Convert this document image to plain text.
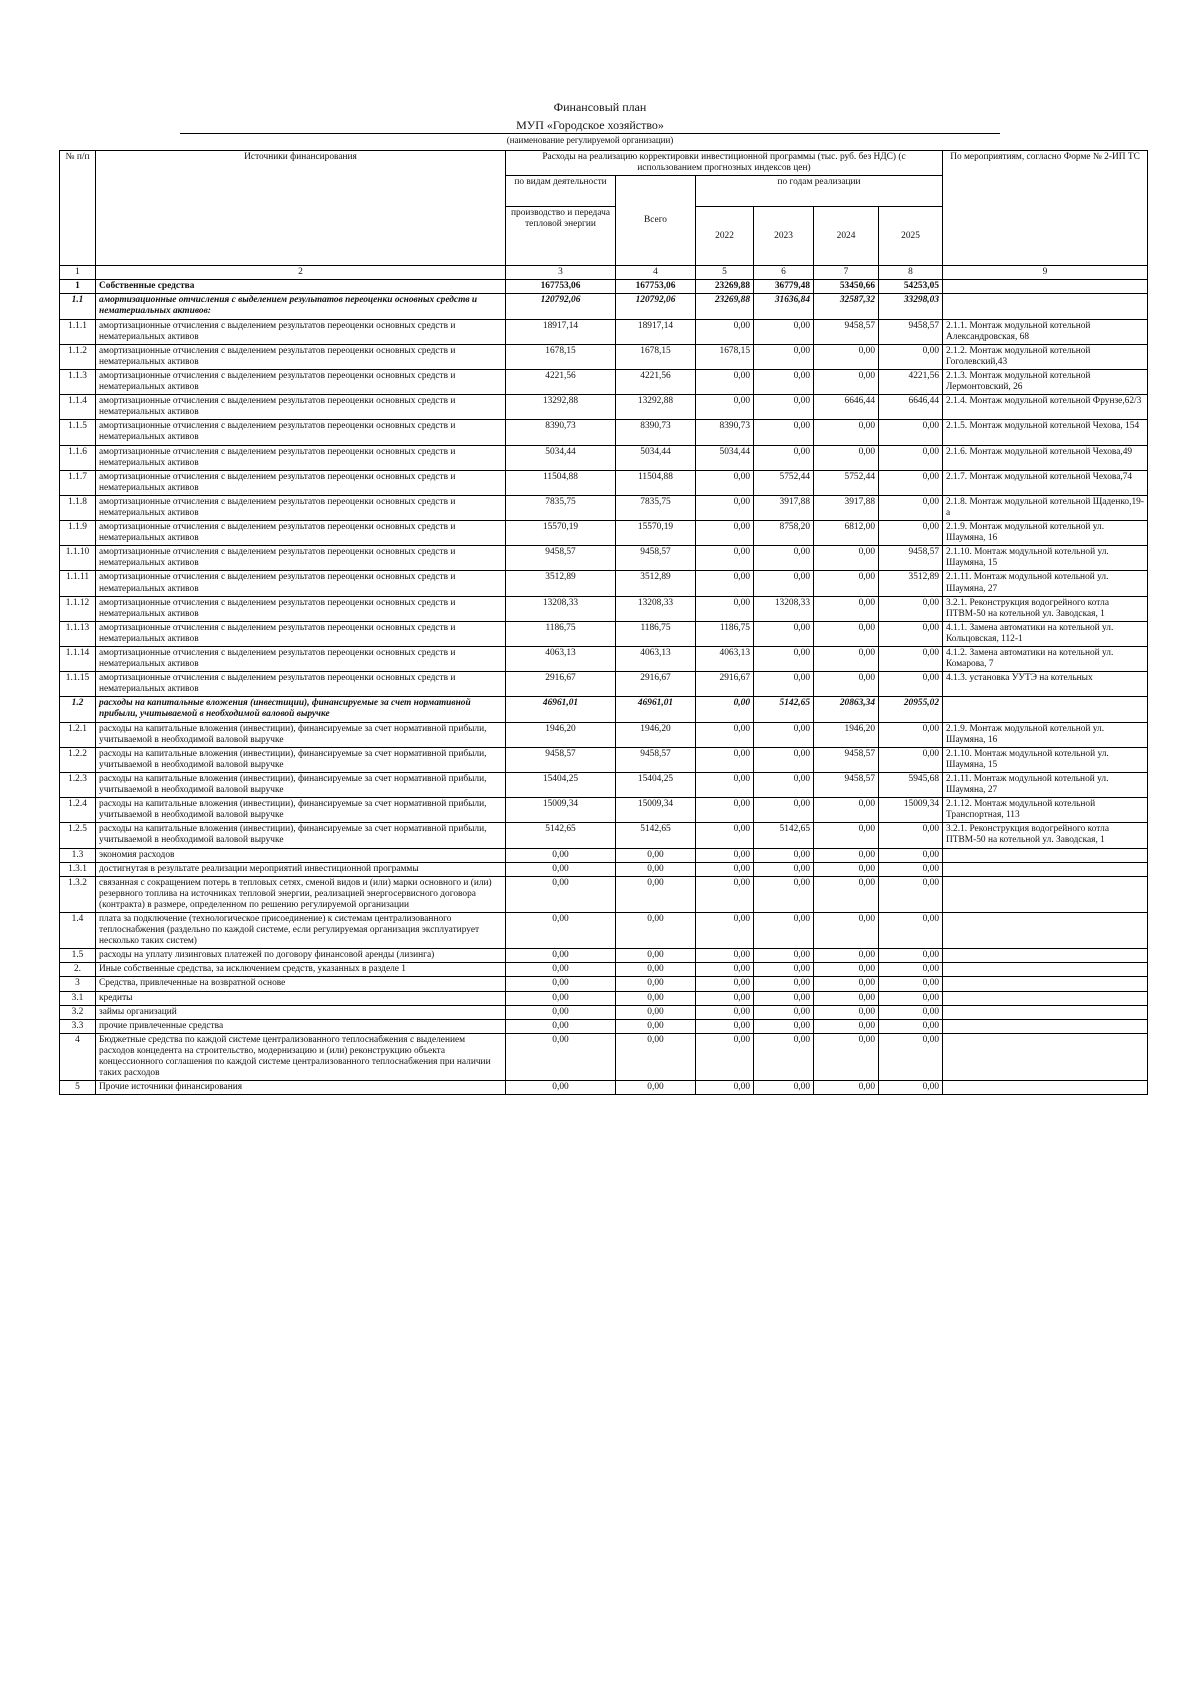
Финансовый план
МУП «Городское хозяйство»
(наименование регулируемой организации)
№ п/п	Источники финансирования	Расходы на реализацию корректировки инвестиционной программы (тыс. руб. без НДС) (с использованием прогнозных индексов цен)						По мероприятиям, согласно Форме № 2-ИП ТС
		по видам деятельности	Всего	по годам реализации				
		производство и передача тепловой энергии		2022	2023	2024	2025	
1	2	3	4	5	6	7	8	9
1	Собственные средства	167753,06	167753,06	23269,88	36779,48	53450,66	54253,05	
1.1	амортизационные отчисления с выделением результатов переоценки основных средств и нематериальных активов:	120792,06	120792,06	23269,88	31636,84	32587,32	33298,03	
1.1.1	амортизационные отчисления с выделением результатов переоценки основных средств и нематериальных активов	18917,14	18917,14	0,00	0,00	9458,57	9458,57	2.1.1. Монтаж модульной котельной Александровская, 68
1.1.2	амортизационные отчисления с выделением результатов переоценки основных средств и нематериальных активов	1678,15	1678,15	1678,15	0,00	0,00	0,00	2.1.2. Монтаж модульной котельной Гоголевский,43
1.1.3	амортизационные отчисления с выделением результатов переоценки основных средств и нематериальных активов	4221,56	4221,56	0,00	0,00	0,00	4221,56	2.1.3. Монтаж модульной котельной Лермонтовский, 26
1.1.4	амортизационные отчисления с выделением результатов переоценки основных средств и нематериальных активов	13292,88	13292,88	0,00	0,00	6646,44	6646,44	2.1.4. Монтаж модульной котельной Фрунзе,62/3
1.1.5	амортизационные отчисления с выделением результатов переоценки основных средств и нематериальных активов	8390,73	8390,73	8390,73	0,00	0,00	0,00	2.1.5. Монтаж модульной котельной Чехова, 154
1.1.6	амортизационные отчисления с выделением результатов переоценки основных средств и нематериальных активов	5034,44	5034,44	5034,44	0,00	0,00	0,00	2.1.6. Монтаж модульной котельной Чехова,49
1.1.7	амортизационные отчисления с выделением результатов переоценки основных средств и нематериальных активов	11504,88	11504,88	0,00	5752,44	5752,44	0,00	2.1.7. Монтаж модульной котельной Чехова,74
1.1.8	амортизационные отчисления с выделением результатов переоценки основных средств и нематериальных активов	7835,75	7835,75	0,00	3917,88	3917,88	0,00	2.1.8. Монтаж модульной котельной Щаденко,19-а
1.1.9	амортизационные отчисления с выделением результатов переоценки основных средств и нематериальных активов	15570,19	15570,19	0,00	8758,20	6812,00	0,00	2.1.9. Монтаж модульной котельной ул. Шаумяна, 16
1.1.10	амортизационные отчисления с выделением результатов переоценки основных средств и нематериальных активов	9458,57	9458,57	0,00	0,00	0,00	9458,57	2.1.10. Монтаж модульной котельной ул. Шаумяна, 15
1.1.11	амортизационные отчисления с выделением результатов переоценки основных средств и нематериальных активов	3512,89	3512,89	0,00	0,00	0,00	3512,89	2.1.11. Монтаж модульной котельной ул. Шаумяна, 27
1.1.12	амортизационные отчисления с выделением результатов переоценки основных средств и нематериальных активов	13208,33	13208,33	0,00	13208,33	0,00	0,00	3.2.1. Реконструкция водогрейного котла ПТВМ-50 на котельной ул. Заводская, 1
1.1.13	амортизационные отчисления с выделением результатов переоценки основных средств и нематериальных активов	1186,75	1186,75	1186,75	0,00	0,00	0,00	4.1.1. Замена автоматики на котельной ул. Кольцовская, 112-1
1.1.14	амортизационные отчисления с выделением результатов переоценки основных средств и нематериальных активов	4063,13	4063,13	4063,13	0,00	0,00	0,00	4.1.2. Замена автоматики на котельной ул. Комарова, 7
1.1.15	амортизационные отчисления с выделением результатов переоценки основных средств и нематериальных активов	2916,67	2916,67	2916,67	0,00	0,00	0,00	4.1.3. установка УУТЭ на котельных
1.2	расходы на капитальные вложения (инвестиции), финансируемые за счет нормативной прибыли, учитываемой в необходимой валовой выручке	46961,01	46961,01	0,00	5142,65	20863,34	20955,02	
1.2.1	расходы на капитальные вложения (инвестиции), финансируемые за счет нормативной прибыли, учитываемой в необходимой валовой выручке	1946,20	1946,20	0,00	0,00	1946,20	0,00	2.1.9. Монтаж модульной котельной ул. Шаумяна, 16
1.2.2	расходы на капитальные вложения (инвестиции), финансируемые за счет нормативной прибыли, учитываемой в необходимой валовой выручке	9458,57	9458,57	0,00	0,00	9458,57	0,00	2.1.10. Монтаж модульной котельной ул. Шаумяна, 15
1.2.3	расходы на капитальные вложения (инвестиции), финансируемые за счет нормативной прибыли, учитываемой в необходимой валовой выручке	15404,25	15404,25	0,00	0,00	9458,57	5945,68	2.1.11. Монтаж модульной котельной ул. Шаумяна, 27
1.2.4	расходы на капитальные вложения (инвестиции), финансируемые за счет нормативной прибыли, учитываемой в необходимой валовой выручке	15009,34	15009,34	0,00	0,00	0,00	15009,34	2.1.12. Монтаж модульной котельной Транспортная, 113
1.2.5	расходы на капитальные вложения (инвестиции), финансируемые за счет нормативной прибыли, учитываемой в необходимой валовой выручке	5142,65	5142,65	0,00	5142,65	0,00	0,00	3.2.1. Реконструкция водогрейного котла ПТВМ-50 на котельной ул. Заводская, 1
1.3	экономия расходов	0,00	0,00	0,00	0,00	0,00	0,00	
1.3.1	достигнутая в результате реализации мероприятий инвестиционной программы	0,00	0,00	0,00	0,00	0,00	0,00	
1.3.2	связанная с сокращением потерь в тепловых сетях, сменой видов и (или) марки основного и (или) резервного топлива на источниках тепловой энергии, реализацией энергосервисного договора (контракта) в размере, определенном по решению регулируемой организации	0,00	0,00	0,00	0,00	0,00	0,00	
1.4	плата за подключение (технологическое присоединение) к системам централизованного теплоснабжения (раздельно по каждой системе, если регулируемая организация эксплуатирует несколько таких систем)	0,00	0,00	0,00	0,00	0,00	0,00	
1.5	расходы на уплату лизинговых платежей по договору финансовой аренды (лизинга)	0,00	0,00	0,00	0,00	0,00	0,00	
2.	Иные собственные средства, за исключением средств, указанных в разделе 1	0,00	0,00	0,00	0,00	0,00	0,00	
3	Средства, привлеченные на возвратной основе	0,00	0,00	0,00	0,00	0,00	0,00	
3.1	кредиты	0,00	0,00	0,00	0,00	0,00	0,00	
3.2	займы организаций	0,00	0,00	0,00	0,00	0,00	0,00	
3.3	прочие привлеченные средства	0,00	0,00	0,00	0,00	0,00	0,00	
4	Бюджетные средства по каждой системе централизованного теплоснабжения с выделением расходов концедента на строительство, модернизацию и (или) реконструкцию объекта концессионного соглашения по каждой системе централизованного теплоснабжения при наличии таких расходов	0,00	0,00	0,00	0,00	0,00	0,00	
5	Прочие источники финансирования	0,00	0,00	0,00	0,00	0,00	0,00	
